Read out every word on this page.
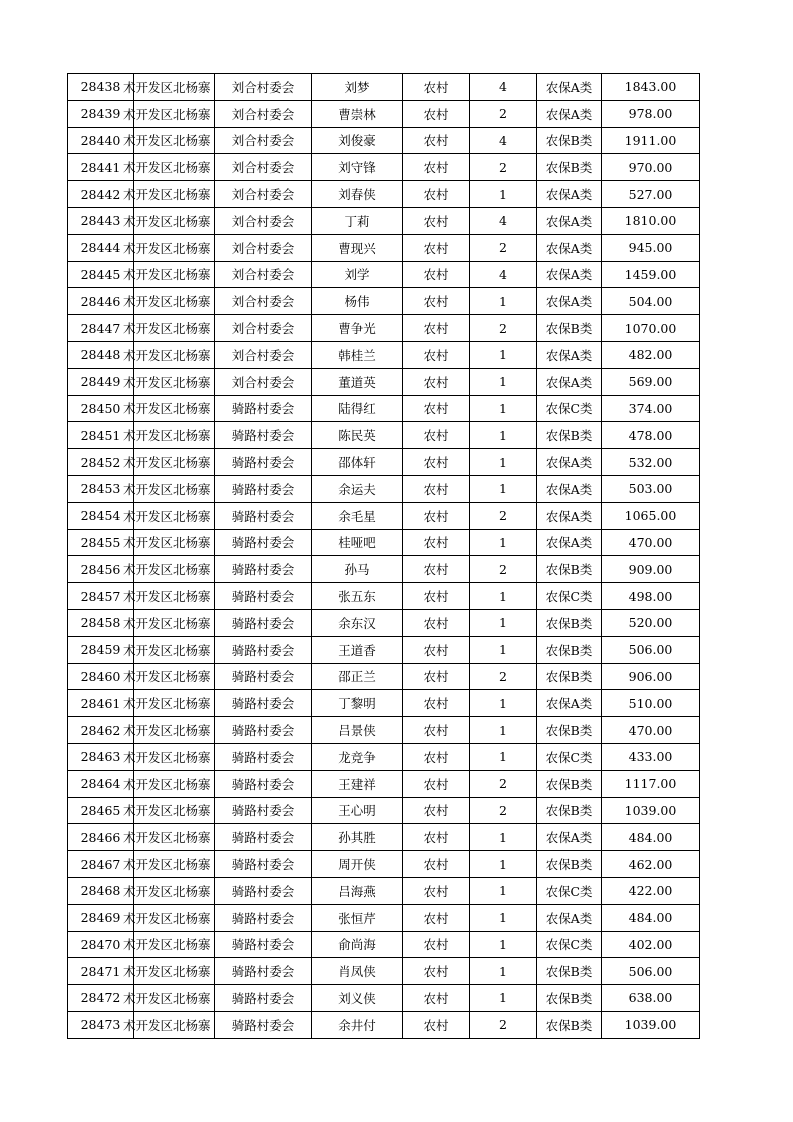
28438	术开发区北杨寨	刘合村委会	刘梦	农村	4	农保A类	1843.00
28439	术开发区北杨寨	刘合村委会	曹崇林	农村	2	农保A类	978.00
28440	术开发区北杨寨	刘合村委会	刘俊豪	农村	4	农保B类	1911.00
28441	术开发区北杨寨	刘合村委会	刘守锋	农村	2	农保B类	970.00
28442	术开发区北杨寨	刘合村委会	刘春侠	农村	1	农保A类	527.00
28443	术开发区北杨寨	刘合村委会	丁莉	农村	4	农保A类	1810.00
28444	术开发区北杨寨	刘合村委会	曹现兴	农村	2	农保A类	945.00
28445	术开发区北杨寨	刘合村委会	刘学	农村	4	农保A类	1459.00
28446	术开发区北杨寨	刘合村委会	杨伟	农村	1	农保A类	504.00
28447	术开发区北杨寨	刘合村委会	曹争光	农村	2	农保B类	1070.00
28448	术开发区北杨寨	刘合村委会	韩桂兰	农村	1	农保A类	482.00
28449	术开发区北杨寨	刘合村委会	董道英	农村	1	农保A类	569.00
28450	术开发区北杨寨	骑路村委会	陆得红	农村	1	农保C类	374.00
28451	术开发区北杨寨	骑路村委会	陈民英	农村	1	农保B类	478.00
28452	术开发区北杨寨	骑路村委会	邵体轩	农村	1	农保A类	532.00
28453	术开发区北杨寨	骑路村委会	余运夫	农村	1	农保A类	503.00
28454	术开发区北杨寨	骑路村委会	余毛星	农村	2	农保A类	1065.00
28455	术开发区北杨寨	骑路村委会	桂哑吧	农村	1	农保A类	470.00
28456	术开发区北杨寨	骑路村委会	孙马	农村	2	农保B类	909.00
28457	术开发区北杨寨	骑路村委会	张五东	农村	1	农保C类	498.00
28458	术开发区北杨寨	骑路村委会	余东汉	农村	1	农保B类	520.00
28459	术开发区北杨寨	骑路村委会	王道香	农村	1	农保B类	506.00
28460	术开发区北杨寨	骑路村委会	邵正兰	农村	2	农保B类	906.00
28461	术开发区北杨寨	骑路村委会	丁黎明	农村	1	农保A类	510.00
28462	术开发区北杨寨	骑路村委会	吕景侠	农村	1	农保B类	470.00
28463	术开发区北杨寨	骑路村委会	龙竞争	农村	1	农保C类	433.00
28464	术开发区北杨寨	骑路村委会	王建祥	农村	2	农保B类	1117.00
28465	术开发区北杨寨	骑路村委会	王心明	农村	2	农保B类	1039.00
28466	术开发区北杨寨	骑路村委会	孙其胜	农村	1	农保A类	484.00
28467	术开发区北杨寨	骑路村委会	周开侠	农村	1	农保B类	462.00
28468	术开发区北杨寨	骑路村委会	吕海燕	农村	1	农保C类	422.00
28469	术开发区北杨寨	骑路村委会	张恒芹	农村	1	农保A类	484.00
28470	术开发区北杨寨	骑路村委会	俞尚海	农村	1	农保C类	402.00
28471	术开发区北杨寨	骑路村委会	肖凤侠	农村	1	农保B类	506.00
28472	术开发区北杨寨	骑路村委会	刘义侠	农村	1	农保B类	638.00
28473	术开发区北杨寨	骑路村委会	余井付	农村	2	农保B类	1039.00
